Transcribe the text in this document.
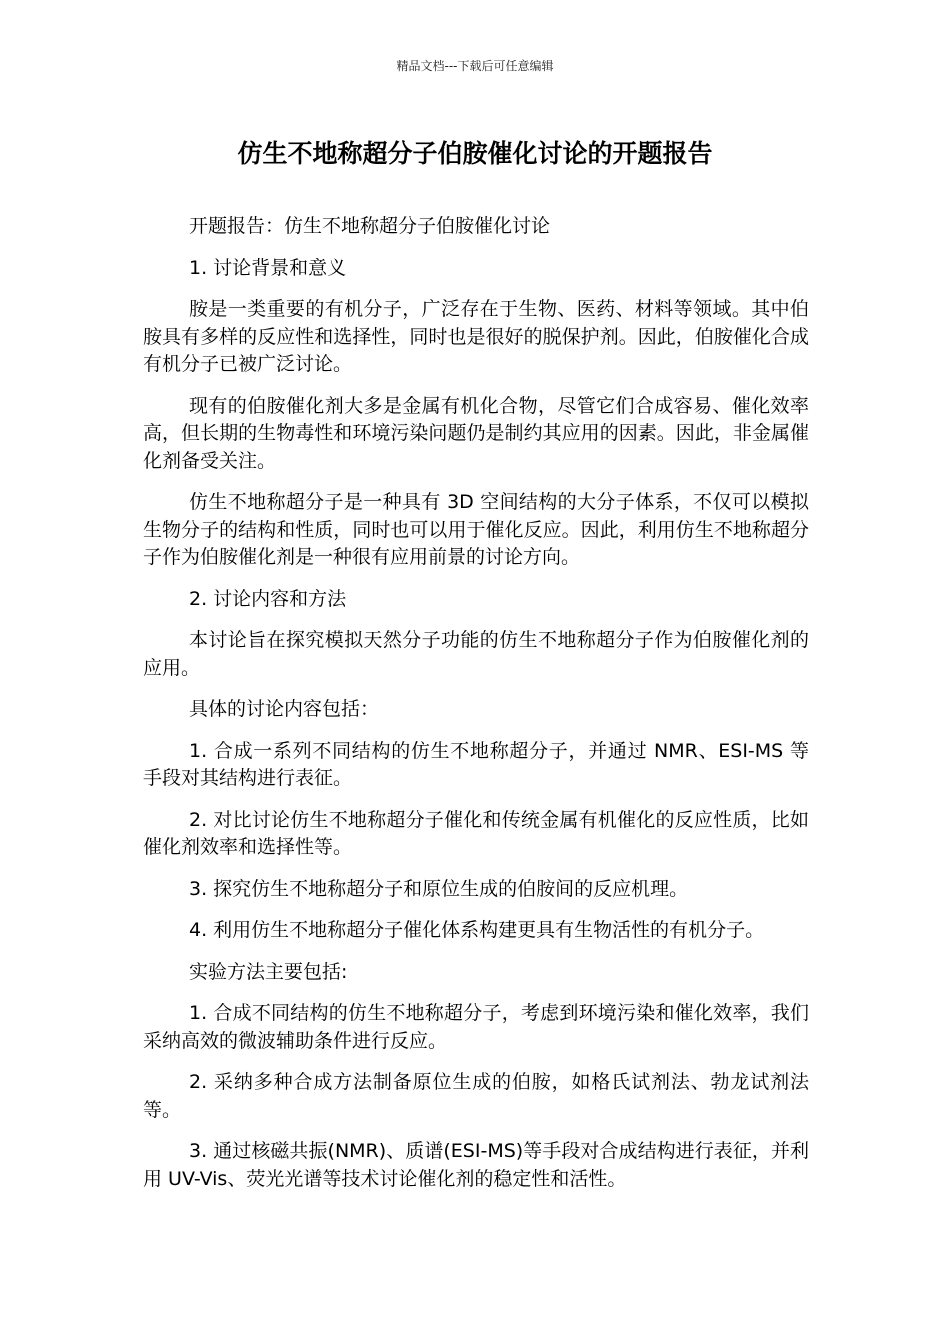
精品文档---下载后可任意编辑
仿生不地称超分子伯胺催化讨论的开题报告

开题报告：仿生不地称超分子伯胺催化讨论

1. 讨论背景和意义

胺是一类重要的有机分子，广泛存在于生物、医药、材料等领域。其中伯胺具有多样的反应性和选择性，同时也是很好的脱保护剂。因此，伯胺催化合成有机分子已被广泛讨论。

现有的伯胺催化剂大多是金属有机化合物，尽管它们合成容易、催化效率高，但长期的生物毒性和环境污染问题仍是制约其应用的因素。因此，非金属催化剂备受关注。

仿生不地称超分子是一种具有 3D 空间结构的大分子体系，不仅可以模拟生物分子的结构和性质，同时也可以用于催化反应。因此，利用仿生不地称超分子作为伯胺催化剂是一种很有应用前景的讨论方向。

2. 讨论内容和方法

本讨论旨在探究模拟天然分子功能的仿生不地称超分子作为伯胺催化剂的应用。

具体的讨论内容包括：

1. 合成一系列不同结构的仿生不地称超分子，并通过 NMR、ESI-MS 等手段对其结构进行表征。

2. 对比讨论仿生不地称超分子催化和传统金属有机催化的反应性质，比如催化剂效率和选择性等。

3. 探究仿生不地称超分子和原位生成的伯胺间的反应机理。

4. 利用仿生不地称超分子催化体系构建更具有生物活性的有机分子。

实验方法主要包括:

1. 合成不同结构的仿生不地称超分子，考虑到环境污染和催化效率，我们采纳高效的微波辅助条件进行反应。

2. 采纳多种合成方法制备原位生成的伯胺，如格氏试剂法、勃龙试剂法等。

3. 通过核磁共振(NMR)、质谱(ESI-MS)等手段对合成结构进行表征，并利用 UV-Vis、荧光光谱等技术讨论催化剂的稳定性和活性。
